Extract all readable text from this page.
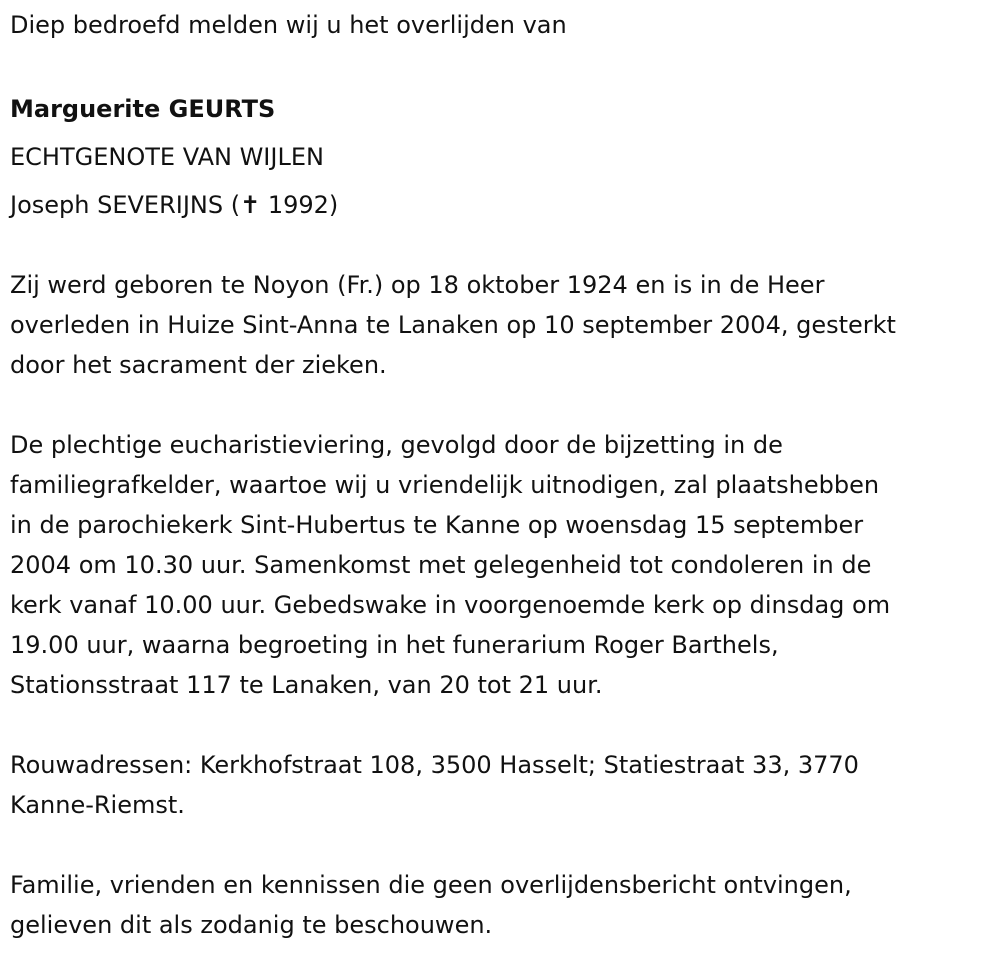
Diep bedroefd melden wij u het overlijden van
Marguerite GEURTS
ECHTGENOTE VAN WIJLEN
Joseph SEVERIJNS (✝ 1992)
Zij werd geboren te Noyon (Fr.) op 18 oktober 1924 en is in de Heer
overleden in Huize Sint-Anna te Lanaken op 10 september 2004, gesterkt
door het sacrament der zieken.
De plechtige eucharistieviering, gevolgd door de bijzetting in de
familiegrafkelder, waartoe wij u vriendelijk uitnodigen, zal plaatshebben
in de parochiekerk Sint-Hubertus te Kanne op woensdag 15 september
2004 om 10.30 uur. Samenkomst met gelegenheid tot condoleren in de
kerk vanaf 10.00 uur. Gebedswake in voorgenoemde kerk op dinsdag om
19.00 uur, waarna begroeting in het funerarium Roger Barthels,
Stationsstraat 117 te Lanaken, van 20 tot 21 uur.
Rouwadressen: Kerkhofstraat 108, 3500 Hasselt; Statiestraat 33, 3770
Kanne-Riemst.
Familie, vrienden en kennissen die geen overlijdensbericht ontvingen,
gelieven dit als zodanig te beschouwen.
